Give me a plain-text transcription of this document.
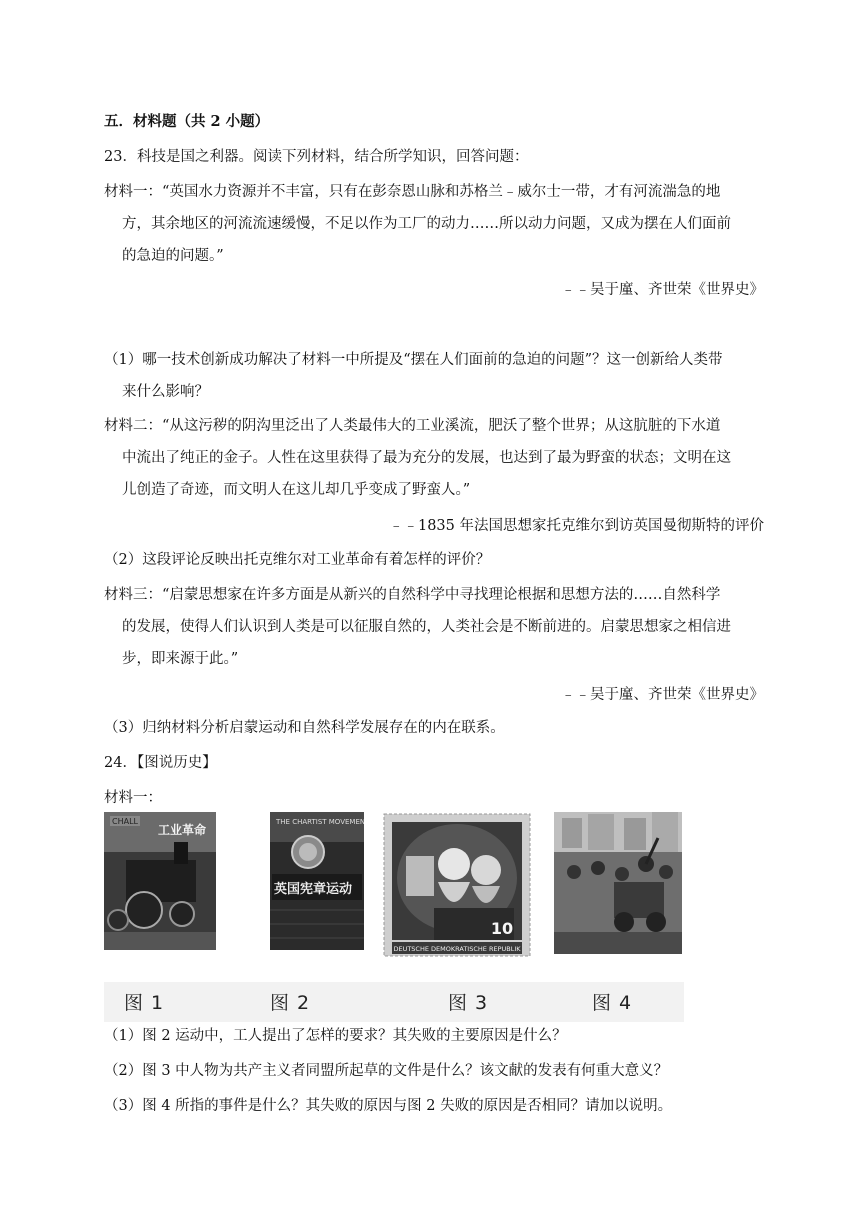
五．材料题（共 2 小题）
23．科技是国之利器。阅读下列材料，结合所学知识，回答问题：
材料一：“英国水力资源并不丰富，只有在彭奈恩山脉和苏格兰﹣威尔士一带，才有河流湍急的地
方，其余地区的河流流速缓慢，不足以作为工厂的动力……所以动力问题，又成为摆在人们面前
的急迫的问题。”
﹣﹣吴于廑、齐世荣《世界史》
（1）哪一技术创新成功解决了材料一中所提及“摆在人们面前的急迫的问题”？这一创新给人类带
来什么影响？
材料二：“从这污秽的阴沟里泛出了人类最伟大的工业溪流，肥沃了整个世界；从这肮脏的下水道
中流出了纯正的金子。人性在这里获得了最为充分的发展，也达到了最为野蛮的状态；文明在这
儿创造了奇迹，而文明人在这儿却几乎变成了野蛮人。”
﹣﹣1835 年法国思想家托克维尔到访英国曼彻斯特的评价
（2）这段评论反映出托克维尔对工业革命有着怎样的评价？
材料三：“启蒙思想家在许多方面是从新兴的自然科学中寻找理论根据和思想方法的……自然科学
的发展，使得人们认识到人类是可以征服自然的，人类社会是不断前进的。启蒙思想家之相信进
步，即来源于此。”
﹣﹣吴于廑、齐世荣《世界史》
（3）归纳材料分析启蒙运动和自然科学发展存在的内在联系。
24．【图说历史】
材料一：
CHALL
工业革命
THE CHARTIST MOVEMENT
英国宪章运动
10
DEUTSCHE DEMOKRATISCHE REPUBLIK
图 1	图 2	图 3	图 4
（1）图 2 运动中，工人提出了怎样的要求？其失败的主要原因是什么？
（2）图 3 中人物为共产主义者同盟所起草的文件是什么？该文献的发表有何重大意义？
（3）图 4 所指的事件是什么？其失败的原因与图 2 失败的原因是否相同？请加以说明。
